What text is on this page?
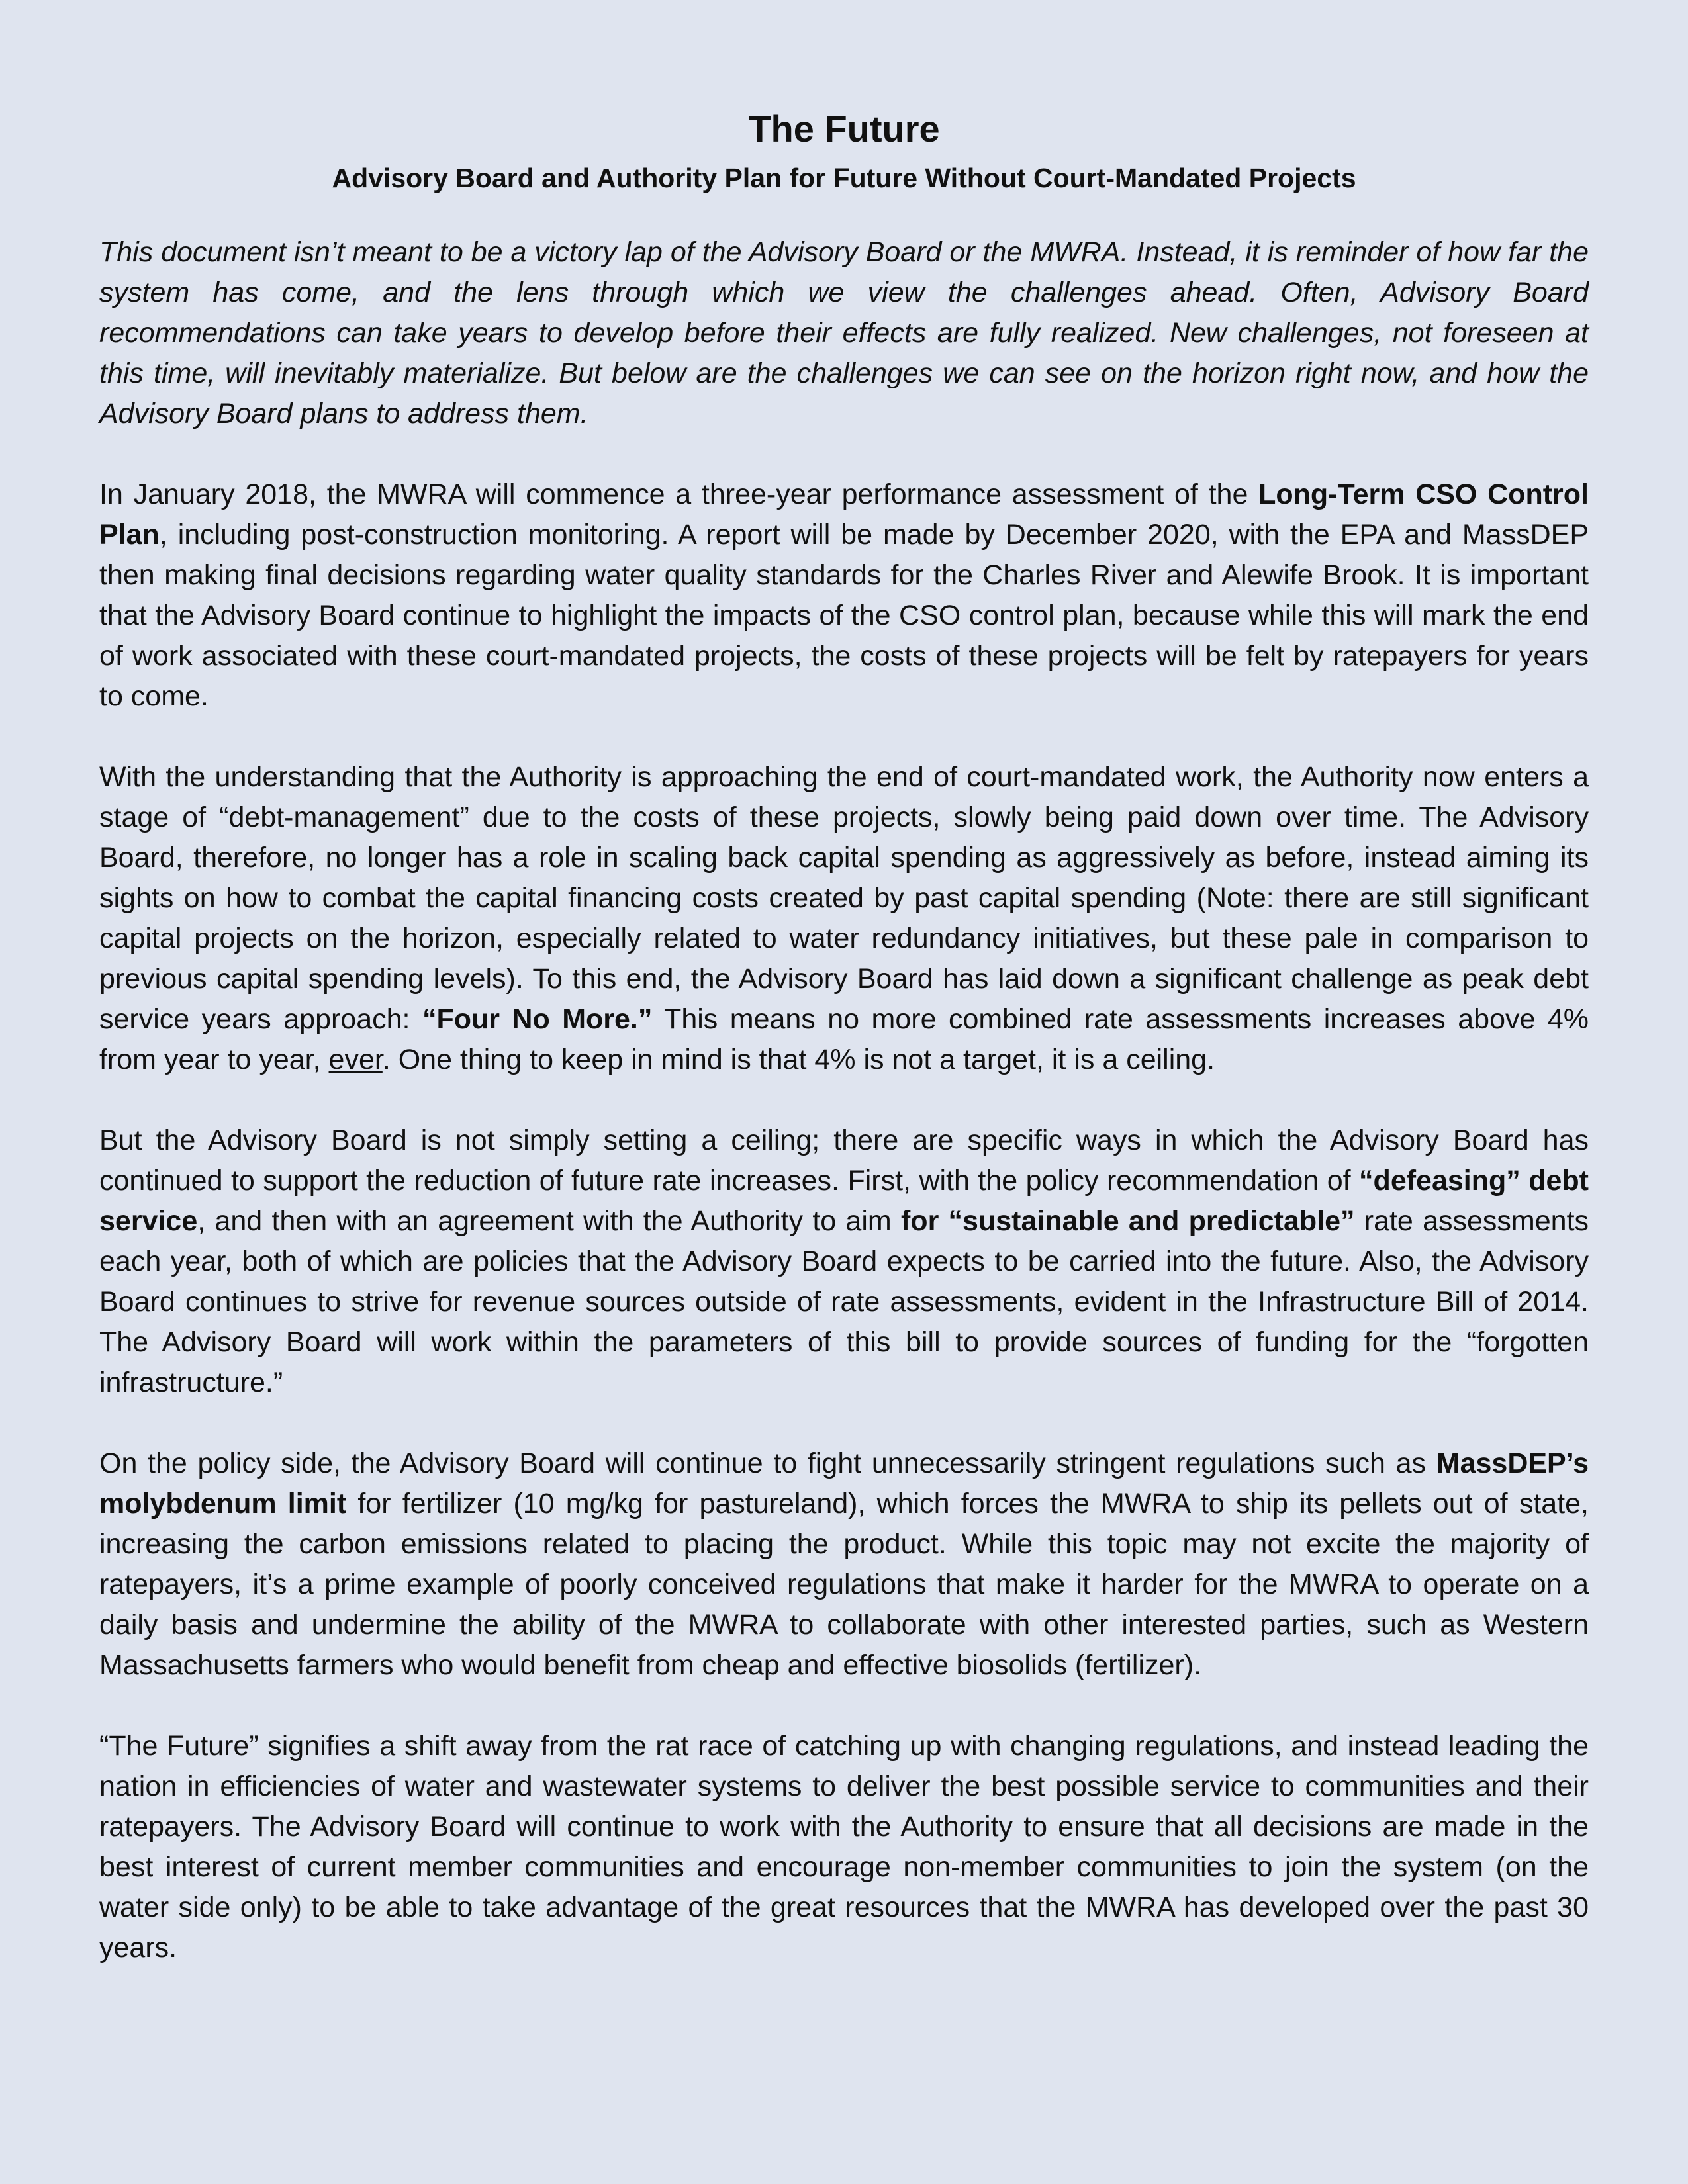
The Future
Advisory Board and Authority Plan for Future Without Court-Mandated Projects

This document isn’t meant to be a victory lap of the Advisory Board or the MWRA. Instead, it is reminder of how far the system has come, and the lens through which we view the challenges ahead. Often, Advisory Board recommendations can take years to develop before their effects are fully realized. New challenges, not foreseen at this time, will inevitably materialize. But below are the challenges we can see on the horizon right now, and how the Advisory Board plans to address them.

In January 2018, the MWRA will commence a three-year performance assessment of the Long-Term CSO Control Plan, including post-construction monitoring. A report will be made by December 2020, with the EPA and MassDEP then making final decisions regarding water quality standards for the Charles River and Alewife Brook. It is important that the Advisory Board continue to highlight the impacts of the CSO control plan, because while this will mark the end of work associated with these court-mandated projects, the costs of these projects will be felt by ratepayers for years to come.

With the understanding that the Authority is approaching the end of court-mandated work, the Authority now enters a stage of “debt-management” due to the costs of these projects, slowly being paid down over time. The Advisory Board, therefore, no longer has a role in scaling back capital spending as aggressively as before, instead aiming its sights on how to combat the capital financing costs created by past capital spending (Note: there are still significant capital projects on the horizon, especially related to water redundancy initiatives, but these pale in comparison to previous capital spending levels). To this end, the Advisory Board has laid down a significant challenge as peak debt service years approach: “Four No More.” This means no more combined rate assessments increases above 4% from year to year, ever. One thing to keep in mind is that 4% is not a target, it is a ceiling.

But the Advisory Board is not simply setting a ceiling; there are specific ways in which the Advisory Board has continued to support the reduction of future rate increases. First, with the policy recommendation of “defeasing” debt service, and then with an agreement with the Authority to aim for “sustainable and predictable” rate assessments each year, both of which are policies that the Advisory Board expects to be carried into the future. Also, the Advisory Board continues to strive for revenue sources outside of rate assessments, evident in the Infrastructure Bill of 2014. The Advisory Board will work within the parameters of this bill to provide sources of funding for the “forgotten infrastructure.”

On the policy side, the Advisory Board will continue to fight unnecessarily stringent regulations such as MassDEP’s molybdenum limit for fertilizer (10 mg/kg for pastureland), which forces the MWRA to ship its pellets out of state, increasing the carbon emissions related to placing the product. While this topic may not excite the majority of ratepayers, it’s a prime example of poorly conceived regulations that make it harder for the MWRA to operate on a daily basis and undermine the ability of the MWRA to collaborate with other interested parties, such as Western Massachusetts farmers who would benefit from cheap and effective biosolids (fertilizer).

“The Future” signifies a shift away from the rat race of catching up with changing regulations, and instead leading the nation in efficiencies of water and wastewater systems to deliver the best possible service to communities and their ratepayers. The Advisory Board will continue to work with the Authority to ensure that all decisions are made in the best interest of current member communities and encourage non-member communities to join the system (on the water side only) to be able to take advantage of the great resources that the MWRA has developed over the past 30 years.
